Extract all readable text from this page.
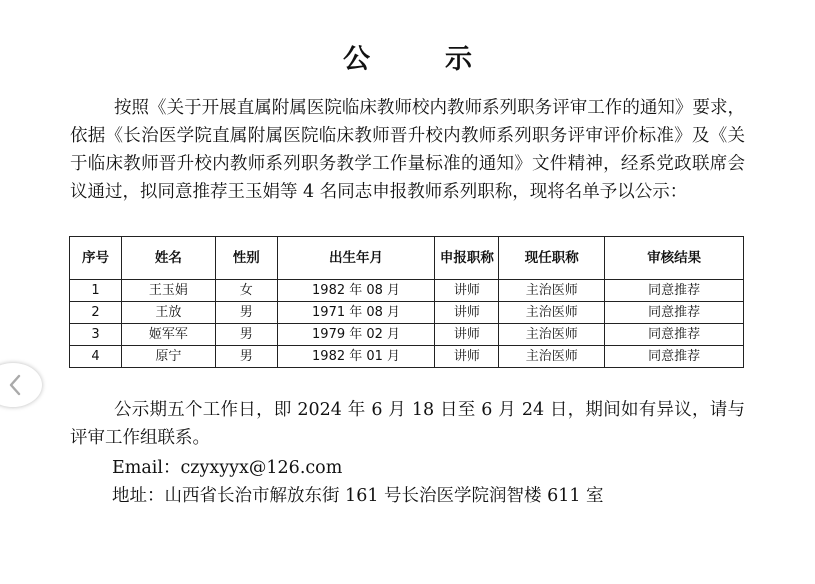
公　示
按照《关于开展直属附属医院临床教师校内教师系列职务评审工作的通知》要求，依据《长治医学院直属附属医院临床教师晋升校内教师系列职务评审评价标准》及《关于临床教师晋升校内教师系列职务教学工作量标准的通知》文件精神，经系党政联席会议通过，拟同意推荐王玉娟等 4 名同志申报教师系列职称，现将名单予以公示：
序号	姓名	性别	出生年月	申报职称	现任职称	审核结果
1	王玉娟	女	1982 年 08 月	讲师	主治医师	同意推荐
2	王放	男	1971 年 08 月	讲师	主治医师	同意推荐
3	姬军军	男	1979 年 02 月	讲师	主治医师	同意推荐
4	原宁	男	1982 年 01 月	讲师	主治医师	同意推荐
公示期五个工作日，即 2024 年 6 月 18 日至 6 月 24 日，期间如有异议，请与评审工作组联系。
Email：czyxyyx@126.com
地址：山西省长治市解放东街 161 号长治医学院润智楼 611 室
